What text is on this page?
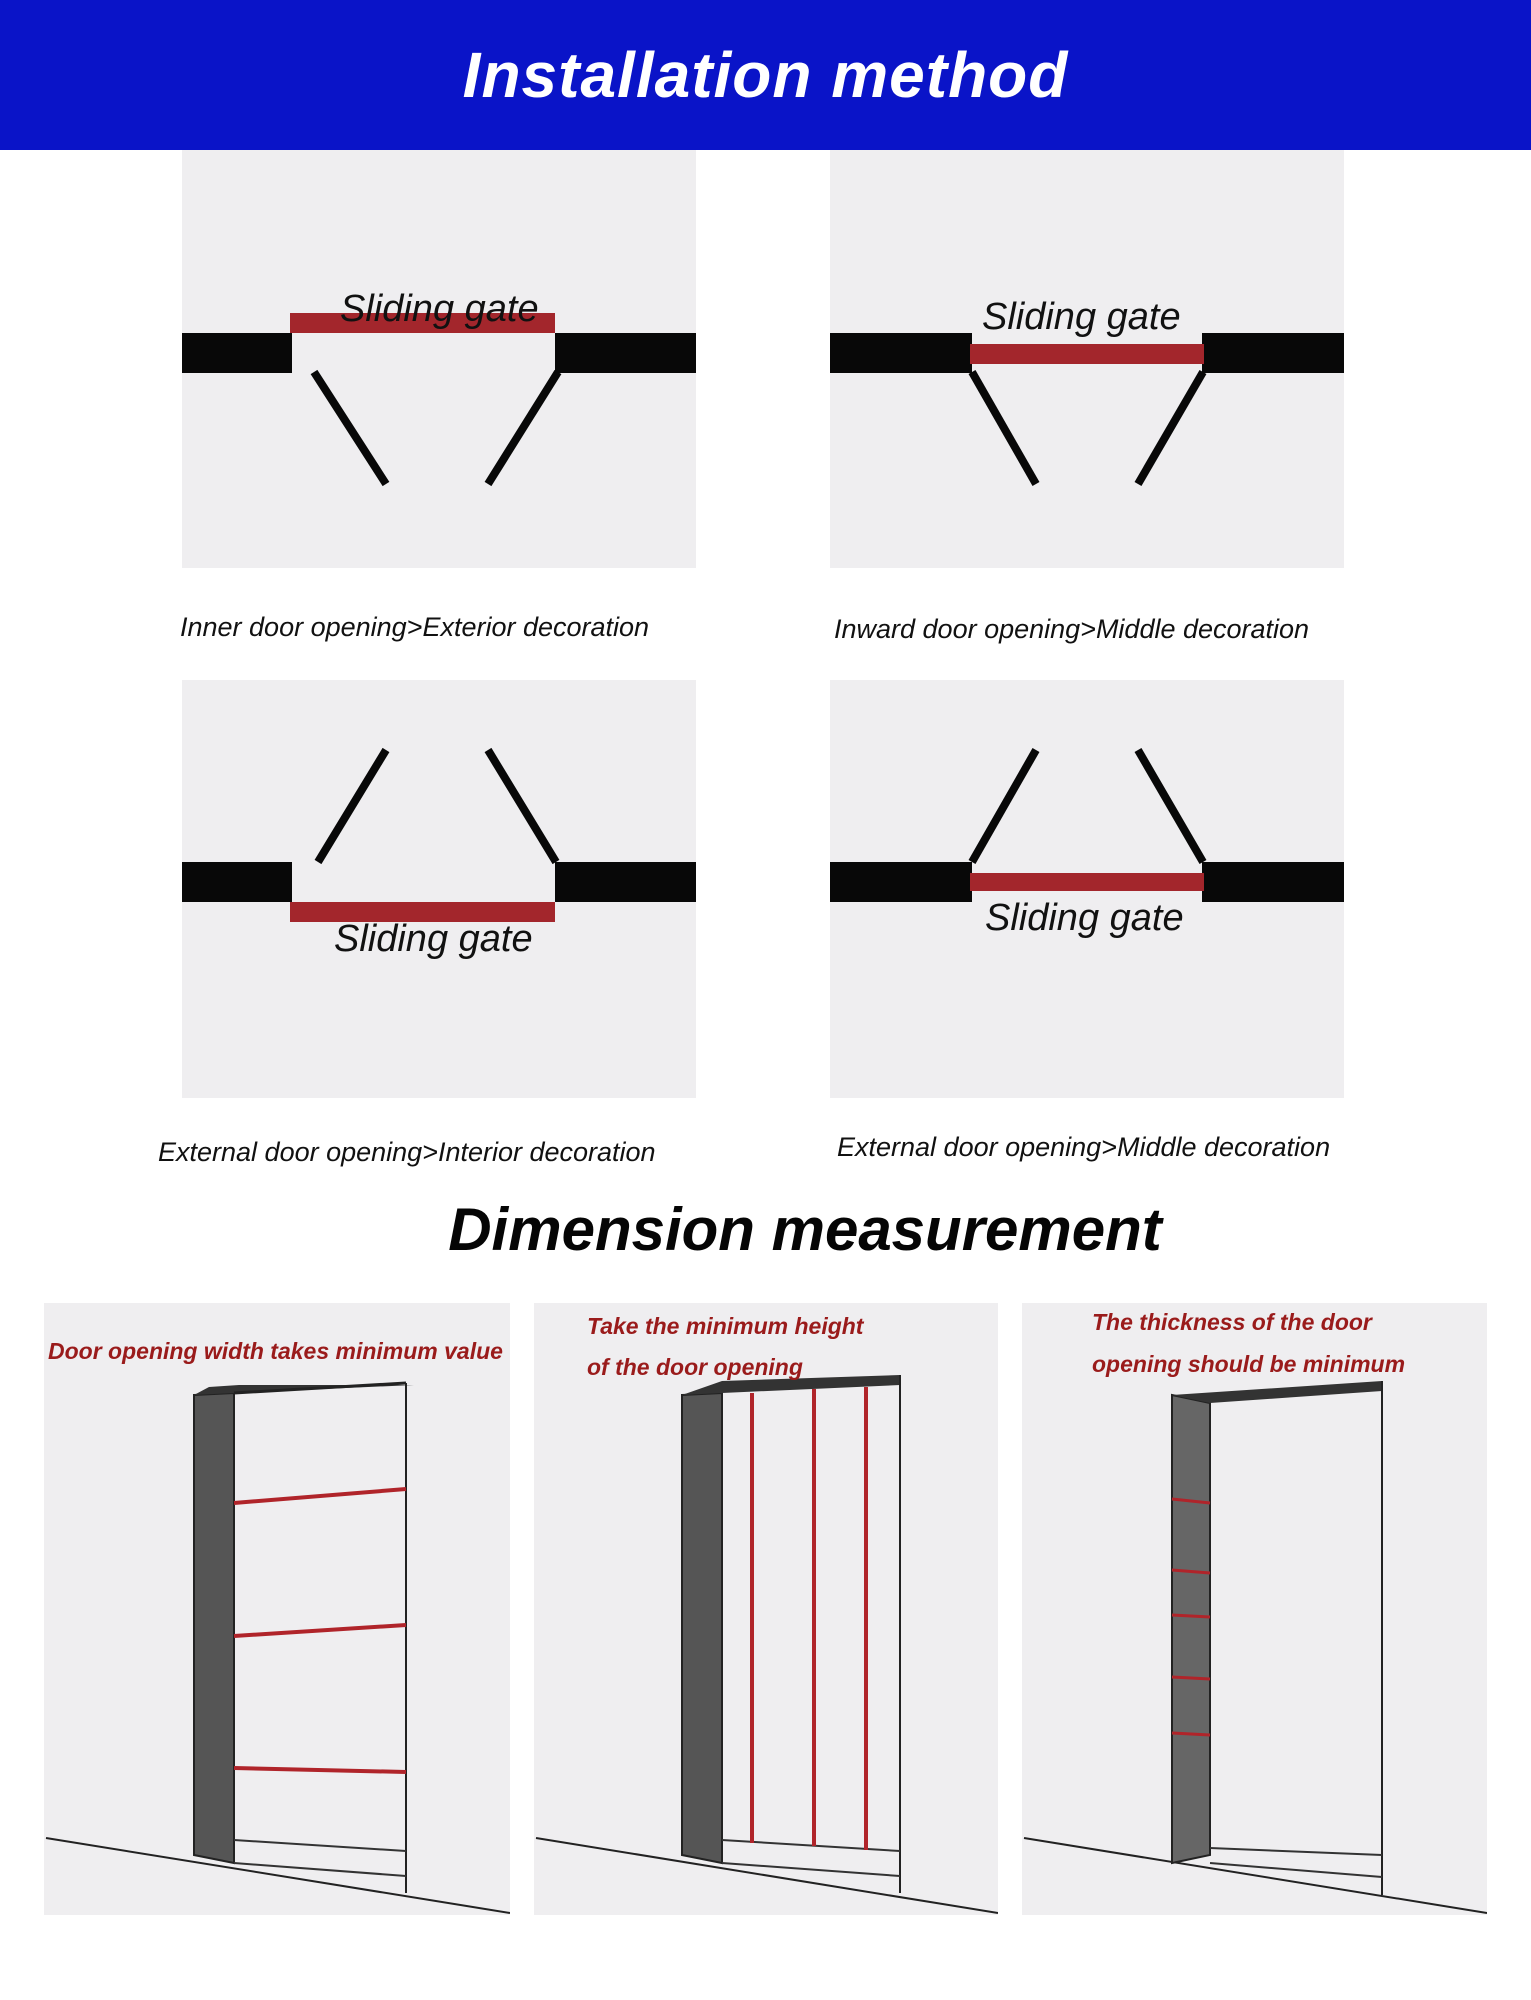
Installation method
Sliding gate
Inner door opening>Exterior decoration
Sliding gate
Inward door opening>Middle decoration
Sliding gate
External door opening>Interior decoration
Sliding gate
External door opening>Middle decoration
Dimension measurement
Door opening width takes minimum value
Take the minimum height
of the door opening
The thickness of the door
opening should be minimum
